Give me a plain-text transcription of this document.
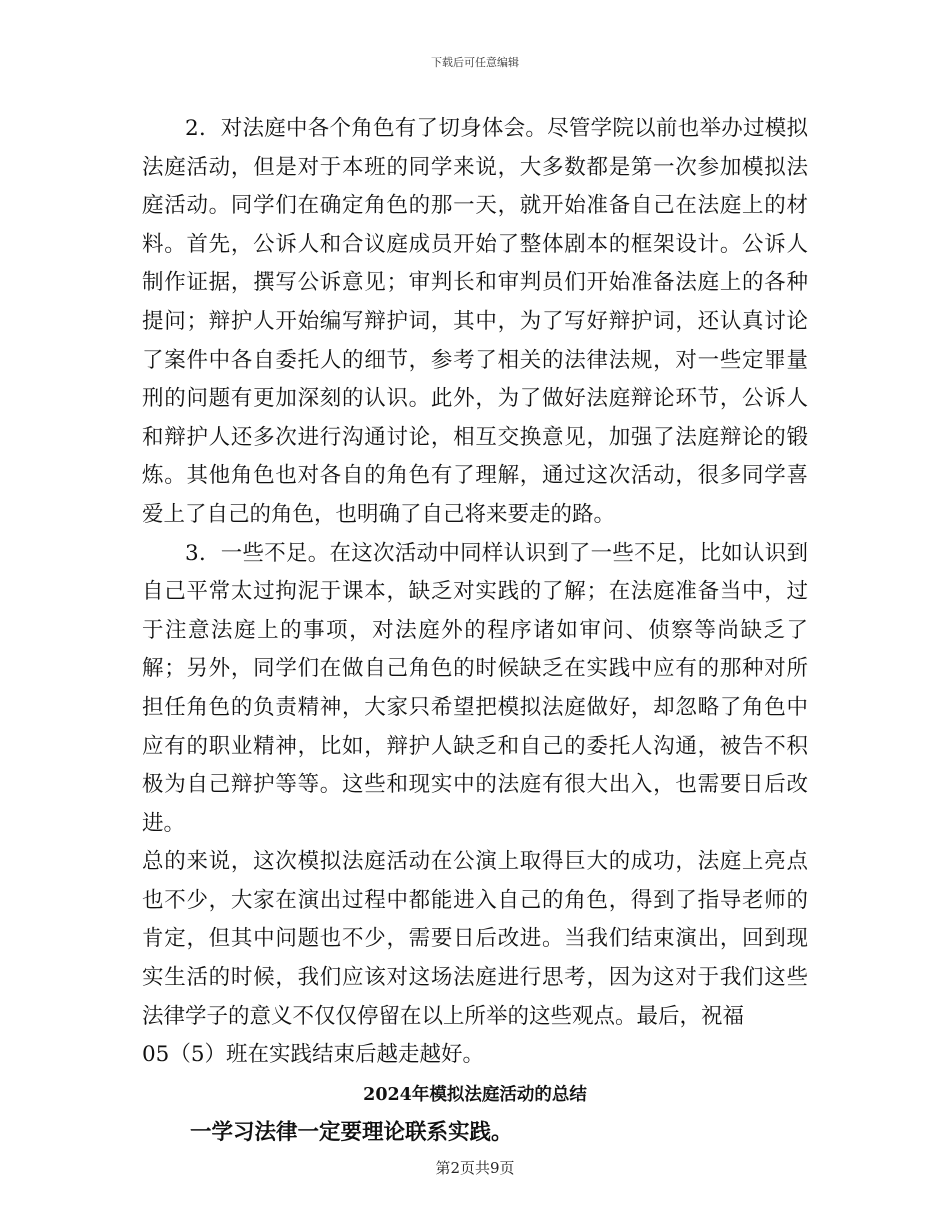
下载后可任意编辑

2．对法庭中各个角色有了切身体会。尽管学院以前也举办过模拟法庭活动，但是对于本班的同学来说，大多数都是第一次参加模拟法庭活动。同学们在确定角色的那一天，就开始准备自己在法庭上的材料。首先，公诉人和合议庭成员开始了整体剧本的框架设计。公诉人制作证据，撰写公诉意见；审判长和审判员们开始准备法庭上的各种提问；辩护人开始编写辩护词，其中，为了写好辩护词，还认真讨论了案件中各自委托人的细节，参考了相关的法律法规，对一些定罪量刑的问题有更加深刻的认识。此外，为了做好法庭辩论环节，公诉人和辩护人还多次进行沟通讨论，相互交换意见，加强了法庭辩论的锻炼。其他角色也对各自的角色有了理解，通过这次活动，很多同学喜爱上了自己的角色，也明确了自己将来要走的路。

3．一些不足。在这次活动中同样认识到了一些不足，比如认识到自己平常太过拘泥于课本，缺乏对实践的了解；在法庭准备当中，过于注意法庭上的事项，对法庭外的程序诸如审问、侦察等尚缺乏了解；另外，同学们在做自己角色的时候缺乏在实践中应有的那种对所担任角色的负责精神，大家只希望把模拟法庭做好，却忽略了角色中应有的职业精神，比如，辩护人缺乏和自己的委托人沟通，被告不积极为自己辩护等等。这些和现实中的法庭有很大出入，也需要日后改进。

总的来说，这次模拟法庭活动在公演上取得巨大的成功，法庭上亮点也不少，大家在演出过程中都能进入自己的角色，得到了指导老师的肯定，但其中问题也不少，需要日后改进。当我们结束演出，回到现实生活的时候，我们应该对这场法庭进行思考，因为这对于我们这些法律学子的意义不仅仅停留在以上所举的这些观点。最后，祝福

05（5）班在实践结束后越走越好。

2024年模拟法庭活动的总结
一学习法律一定要理论联系实践。
第2页共9页
